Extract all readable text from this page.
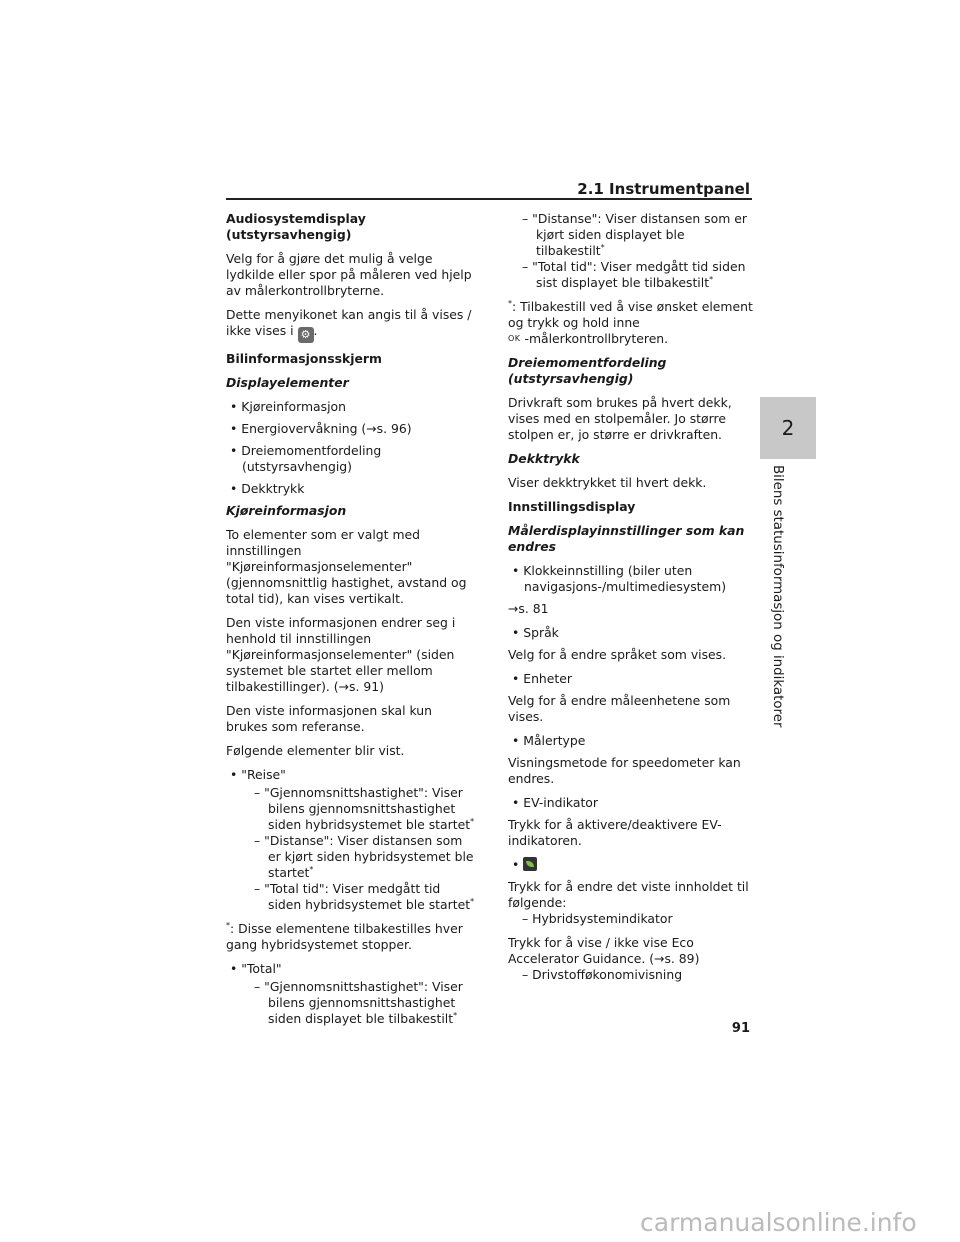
2.1 Instrumentpanel
2
Bilens statusinformasjon og indikatorer
Audiosystemdisplay (utstyrsavhengig)
Velg for å gjøre det mulig å velge lydkilde eller spor på måleren ved hjelp av målerkontrollbryterne.
Dette menyikonet kan angis til å vises / ikke vises i ⚙ .
Bilinformasjonsskjerm
Displayelementer
• Kjøreinformasjon
• Energiovervåkning (→s. 96)
• Dreiemomentfordeling (utstyrsavhengig)
• Dekktrykk
Kjøreinformasjon
To elementer som er valgt med innstillingen "Kjøreinformasjonselementer" (gjennomsnittlig hastighet, avstand og total tid), kan vises vertikalt.
Den viste informasjonen endrer seg i henhold til innstillingen "Kjøreinformasjonselementer" (siden systemet ble startet eller mellom tilbakestillinger). (→s. 91)
Den viste informasjonen skal kun brukes som referanse.
Følgende elementer blir vist.
• "Reise"
– "Gjennomsnittshastighet": Viser bilens gjennomsnittshastighet siden hybridsystemet ble startet*
– "Distanse": Viser distansen som er kjørt siden hybridsystemet ble startet*
– "Total tid": Viser medgått tid siden hybridsystemet ble startet*
*: Disse elementene tilbakestilles hver gang hybridsystemet stopper.
• "Total"
– "Gjennomsnittshastighet": Viser bilens gjennomsnittshastighet siden displayet ble tilbakestilt*
– "Distanse": Viser distansen som er kjørt siden displayet ble tilbakestilt*
– "Total tid": Viser medgått tid siden sist displayet ble tilbakestilt*
*: Tilbakestill ved å vise ønsket element og trykk og hold inne
OK -målerkontrollbryteren.
Dreiemomentfordeling (utstyrsavhengig)
Drivkraft som brukes på hvert dekk, vises med en stolpemåler. Jo større stolpen er, jo større er drivkraften.
Dekktrykk
Viser dekktrykket til hvert dekk.
Innstillingsdisplay
Målerdisplayinnstillinger som kan endres
• Klokkeinnstilling (biler uten navigasjons-/multimediesystem)
→s. 81
• Språk
Velg for å endre språket som vises.
• Enheter
Velg for å endre måleenhetene som vises.
• Målertype
Visningsmetode for speedometer kan endres.
• EV-indikator
Trykk for å aktivere/deaktivere EV-indikatoren.
•
Trykk for å endre det viste innholdet til følgende:
– Hybridsystemindikator
Trykk for å vise / ikke vise Eco Accelerator Guidance. (→s. 89)
– Drivstofføkonomivisning
91
carmanualsonline.info
